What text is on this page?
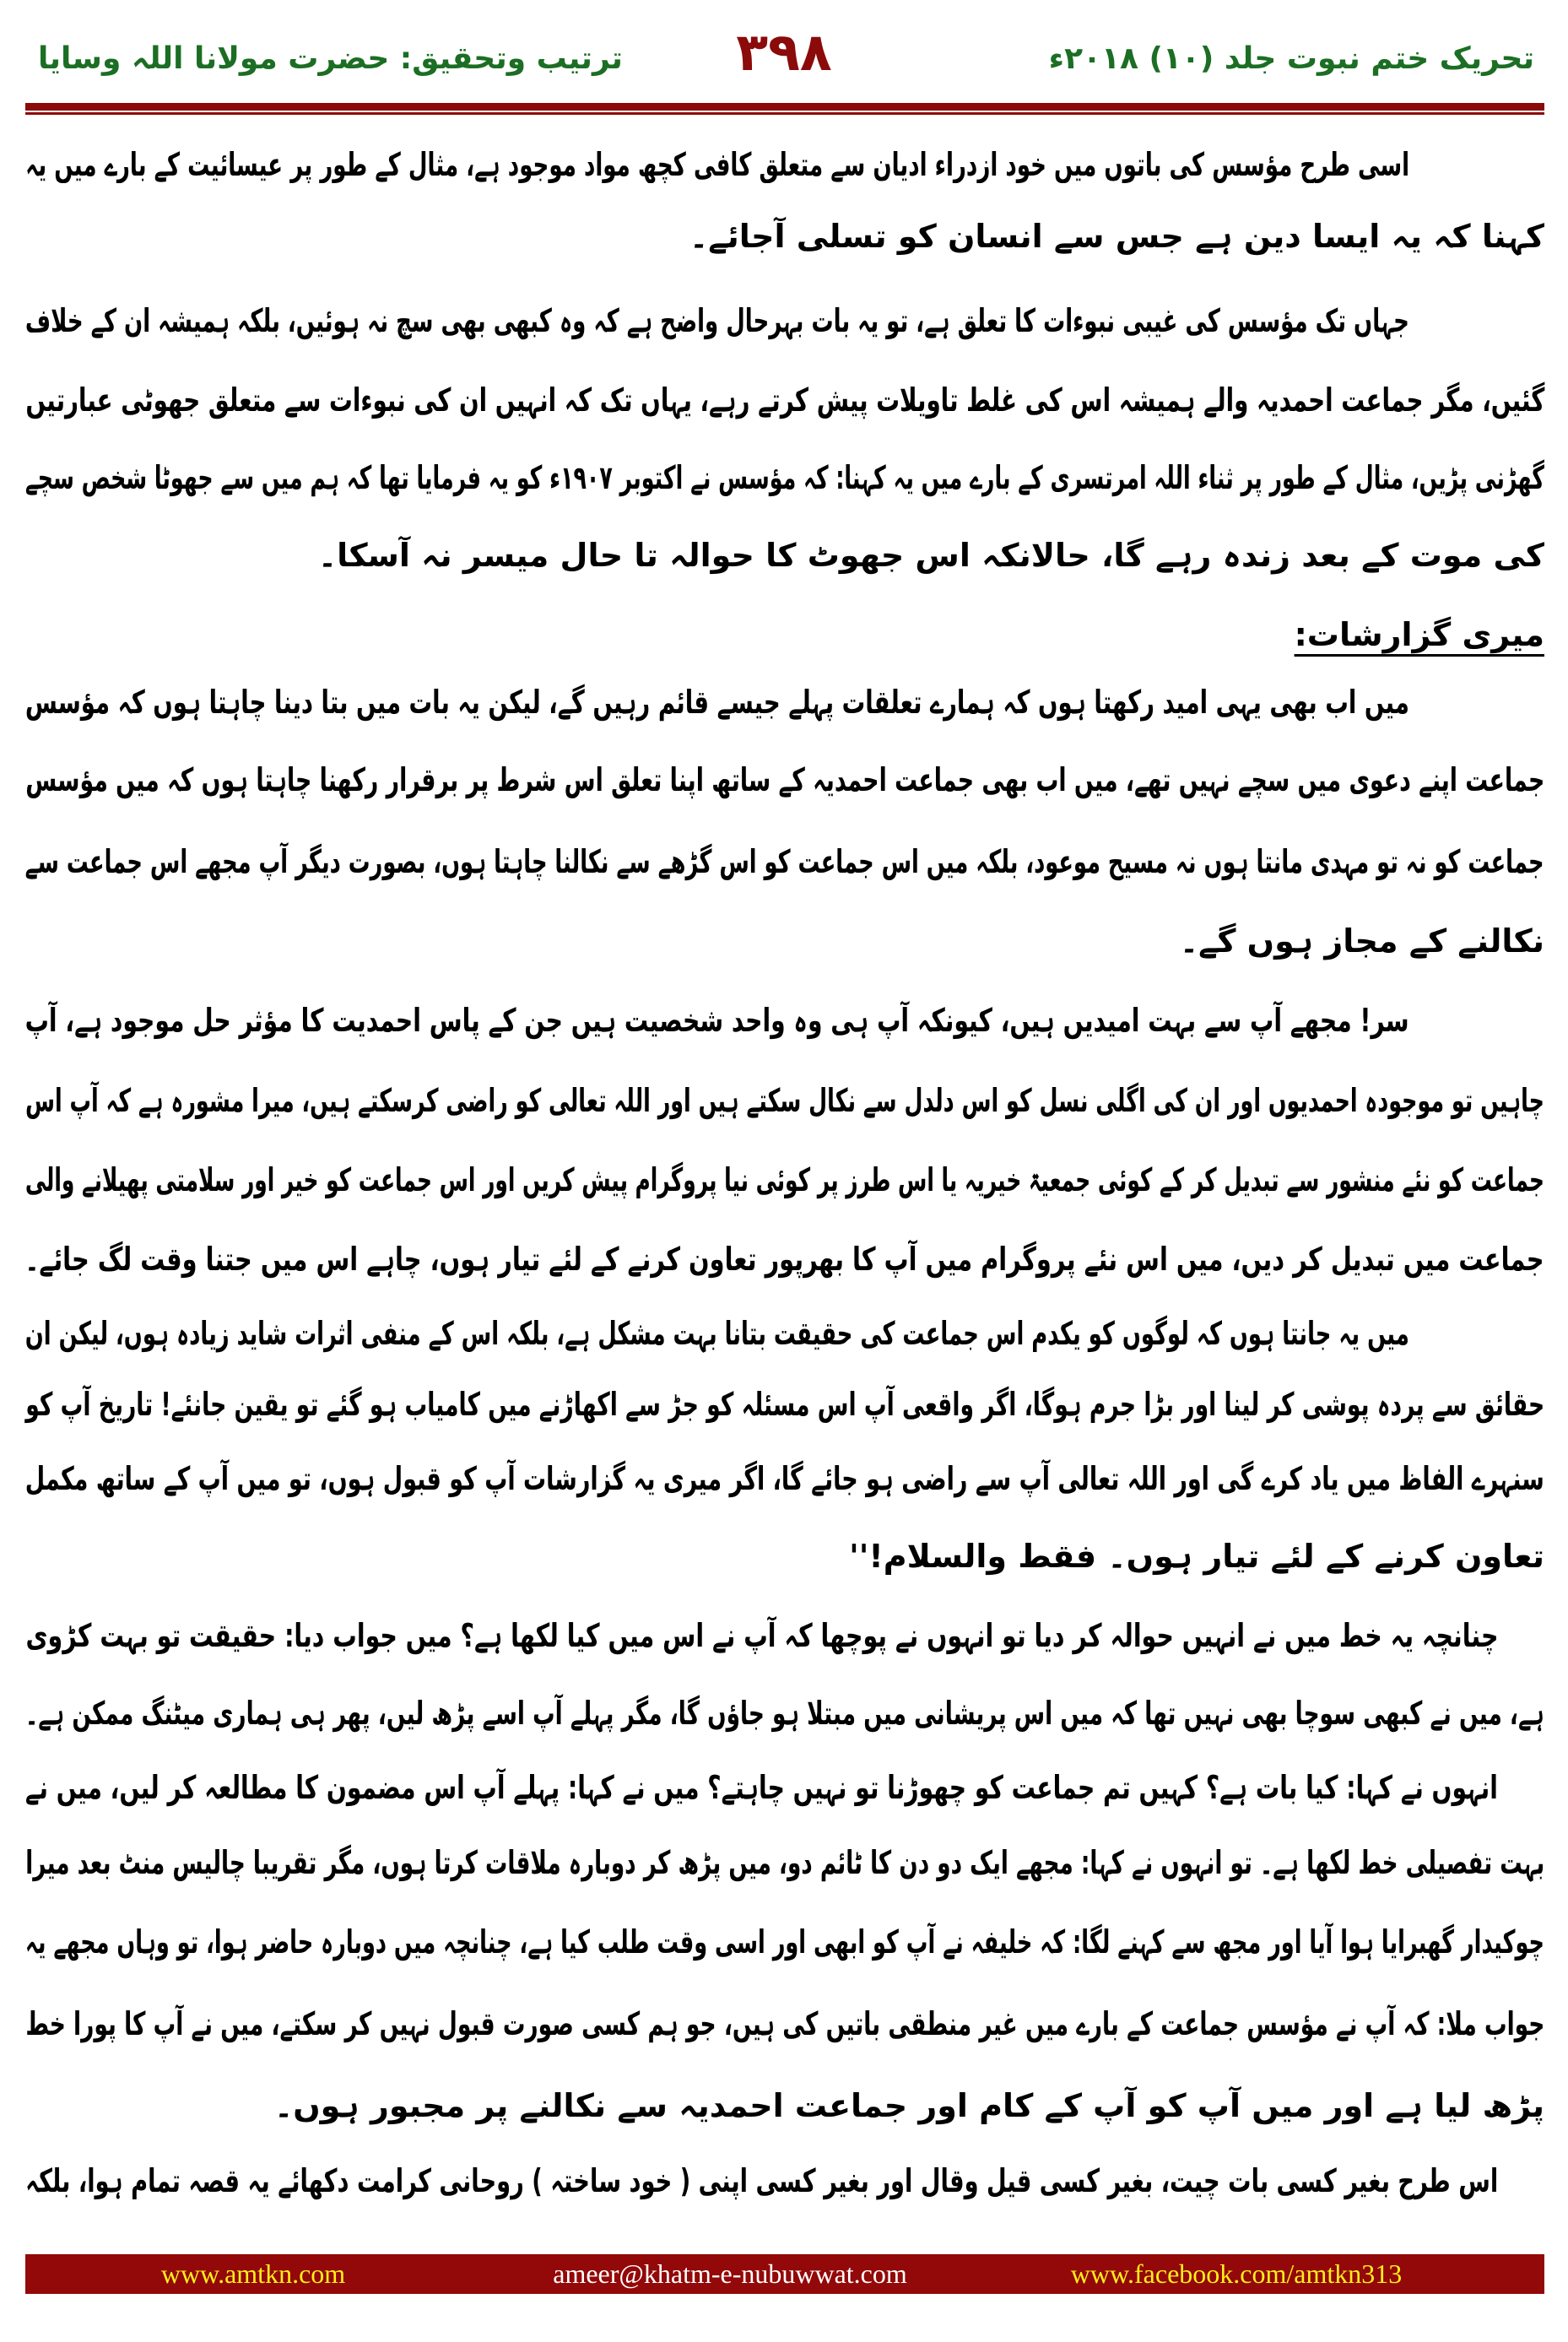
تحریک ختم نبوت جلد (۱۰) ۲۰۱۸ء
۳۹۸
ترتیب وتحقیق: حضرت مولانا اللہ وسایا
اسی طرح مؤسس کی باتوں میں خود ازدراء ادیان سے متعلق کافی کچھ مواد موجود ہے، مثال کے طور پر عیسائیت کے بارے میں یہ
کہنا کہ یہ ایسا دین ہے جس سے انسان کو تسلی آجائے۔
جہاں تک مؤسس کی غیبی نبوءات کا تعلق ہے، تو یہ بات بہرحال واضح ہے کہ وہ کبھی بھی سچ نہ ہوئیں، بلکہ ہمیشہ ان کے خلاف
گئیں، مگر جماعت احمدیہ والے ہمیشہ اس کی غلط تاویلات پیش کرتے رہے، یہاں تک کہ انہیں ان کی نبوءات سے متعلق جھوٹی عبارتیں
گھڑنی پڑیں، مثال کے طور پر ثناء اللہ امرتسری کے بارے میں یہ کہنا: کہ مؤسس نے اکتوبر ۱۹۰۷ء کو یہ فرمایا تھا کہ ہم میں سے جھوٹا شخص سچے
کی موت کے بعد زندہ رہے گا، حالانکہ اس جھوٹ کا حوالہ تا حال میسر نہ آسکا۔
میری گزارشات:
میں اب بھی یہی امید رکھتا ہوں کہ ہمارے تعلقات پہلے جیسے قائم رہیں گے، لیکن یہ بات میں بتا دینا چاہتا ہوں کہ مؤسس
جماعت اپنے دعوی میں سچے نہیں تھے، میں اب بھی جماعت احمدیہ کے ساتھ اپنا تعلق اس شرط پر برقرار رکھنا چاہتا ہوں کہ میں مؤسس
جماعت کو نہ تو مہدی مانتا ہوں نہ مسیح موعود، بلکہ میں اس جماعت کو اس گڑھے سے نکالنا چاہتا ہوں، بصورت دیگر آپ مجھے اس جماعت سے
نکالنے کے مجاز ہوں گے۔
سر! مجھے آپ سے بہت امیدیں ہیں، کیونکہ آپ ہی وہ واحد شخصیت ہیں جن کے پاس احمدیت کا مؤثر حل موجود ہے، آپ
چاہیں تو موجودہ احمدیوں اور ان کی اگلی نسل کو اس دلدل سے نکال سکتے ہیں اور اللہ تعالی کو راضی کرسکتے ہیں، میرا مشورہ ہے کہ آپ اس
جماعت کو نئے منشور سے تبدیل کر کے کوئی جمعیۃ خیریہ یا اس طرز پر کوئی نیا پروگرام پیش کریں اور اس جماعت کو خیر اور سلامتی پھیلانے والی
جماعت میں تبدیل کر دیں، میں اس نئے پروگرام میں آپ کا بھرپور تعاون کرنے کے لئے تیار ہوں، چاہے اس میں جتنا وقت لگ جائے۔
میں یہ جانتا ہوں کہ لوگوں کو یکدم اس جماعت کی حقیقت بتانا بہت مشکل ہے، بلکہ اس کے منفی اثرات شاید زیادہ ہوں، لیکن ان
حقائق سے پردہ پوشی کر لینا اور بڑا جرم ہوگا، اگر واقعی آپ اس مسئلہ کو جڑ سے اکھاڑنے میں کامیاب ہو گئے تو یقین جانئے! تاریخ آپ کو
سنہرے الفاظ میں یاد کرے گی اور اللہ تعالی آپ سے راضی ہو جائے گا، اگر میری یہ گزارشات آپ کو قبول ہوں، تو میں آپ کے ساتھ مکمل
تعاون کرنے کے لئے تیار ہوں۔ فقط والسلام!''
چنانچہ یہ خط میں نے انہیں حوالہ کر دیا تو انہوں نے پوچھا کہ آپ نے اس میں کیا لکھا ہے؟ میں جواب دیا: حقیقت تو بہت کڑوی
ہے، میں نے کبھی سوچا بھی نہیں تھا کہ میں اس پریشانی میں مبتلا ہو جاؤں گا، مگر پہلے آپ اسے پڑھ لیں، پھر ہی ہماری میٹنگ ممکن ہے۔
انہوں نے کہا: کیا بات ہے؟ کہیں تم جماعت کو چھوڑنا تو نہیں چاہتے؟ میں نے کہا: پہلے آپ اس مضمون کا مطالعہ کر لیں، میں نے
بہت تفصیلی خط لکھا ہے۔ تو انہوں نے کہا: مجھے ایک دو دن کا ٹائم دو، میں پڑھ کر دوبارہ ملاقات کرتا ہوں، مگر تقریبا چالیس منٹ بعد میرا
چوکیدار گھبرایا ہوا آیا اور مجھ سے کہنے لگا: کہ خلیفہ نے آپ کو ابھی اور اسی وقت طلب کیا ہے، چنانچہ میں دوبارہ حاضر ہوا، تو وہاں مجھے یہ
جواب ملا: کہ آپ نے مؤسس جماعت کے بارے میں غیر منطقی باتیں کی ہیں، جو ہم کسی صورت قبول نہیں کر سکتے، میں نے آپ کا پورا خط
پڑھ لیا ہے اور میں آپ کو آپ کے کام اور جماعت احمدیہ سے نکالنے پر مجبور ہوں۔
اس طرح بغیر کسی بات چیت، بغیر کسی قیل وقال اور بغیر کسی اپنی ( خود ساختہ ) روحانی کرامت دکھائے یہ قصہ تمام ہوا، بلکہ
www.amtkn.com	ameer@khatm-e-nubuwwat.com	www.facebook.com/amtkn313
